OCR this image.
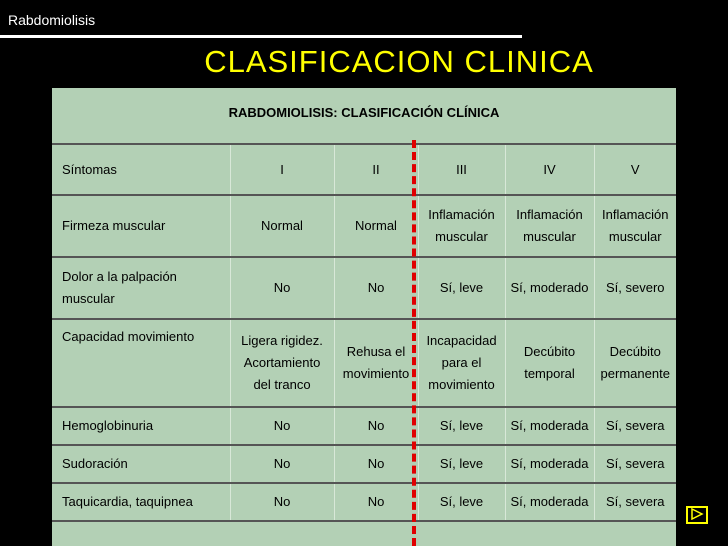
Rabdomiolisis
CLASIFICACION CLINICA
RABDOMIOLISIS: CLASIFICACIÓN CLÍNICA
Síntomas	I	II	III	IV	V
Firmeza muscular	Normal	Normal	Inflamación muscular	Inflamación muscular	Inflamación muscular
Dolor a la palpación muscular	No	No	Sí, leve	Sí, moderado	Sí, severo
Capacidad movimiento	Ligera rigidez. Acortamiento del tranco	Rehusa el movimiento	Incapacidad para el movimiento	Decúbito temporal	Decúbito permanente
Hemoglobinuria	No	No	Sí, leve	Sí, moderada	Sí, severa
Sudoración	No	No	Sí, leve	Sí, moderada	Sí, severa
Taquicardia, taquipnea	No	No	Sí, leve	Sí, moderada	Sí, severa
